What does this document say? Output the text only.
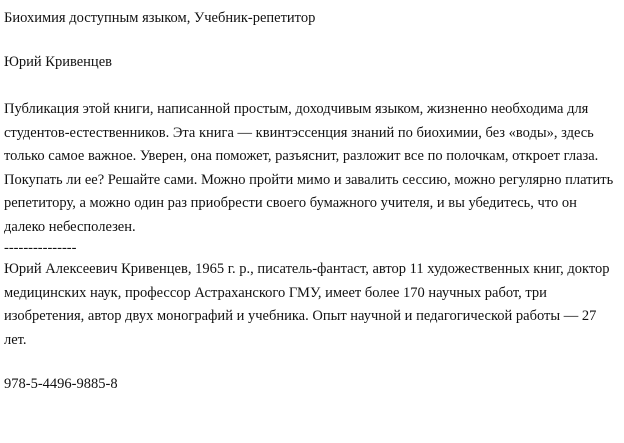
Биохимия доступным языком, Учебник-репетитор

Юрий Кривенцев

Публикация этой книги, написанной простым, доходчивым языком, жизненно необходима для студентов-естественников. Эта книга — квинтэссенция знаний по биохимии, без «воды», здесь только самое важное. Уверен, она поможет, разъяснит, разложит все по полочкам, откроет глаза. Покупать ли ее? Решайте сами. Можно пройти мимо и завалить сессию, можно регулярно платить репетитору, а можно один раз приобрести своего бумажного учителя, и вы убедитесь, что он далеко небесполезен.

---------------

Юрий Алексеевич Кривенцев, 1965 г. р., писатель-фантаст, автор 11 художественных книг, доктор медицинских наук, профессор Астраханского ГМУ, имеет более 170 научных работ, три изобретения, автор двух монографий и учебника. Опыт научной и педагогической работы — 27 лет.

978-5-4496-9885-8
